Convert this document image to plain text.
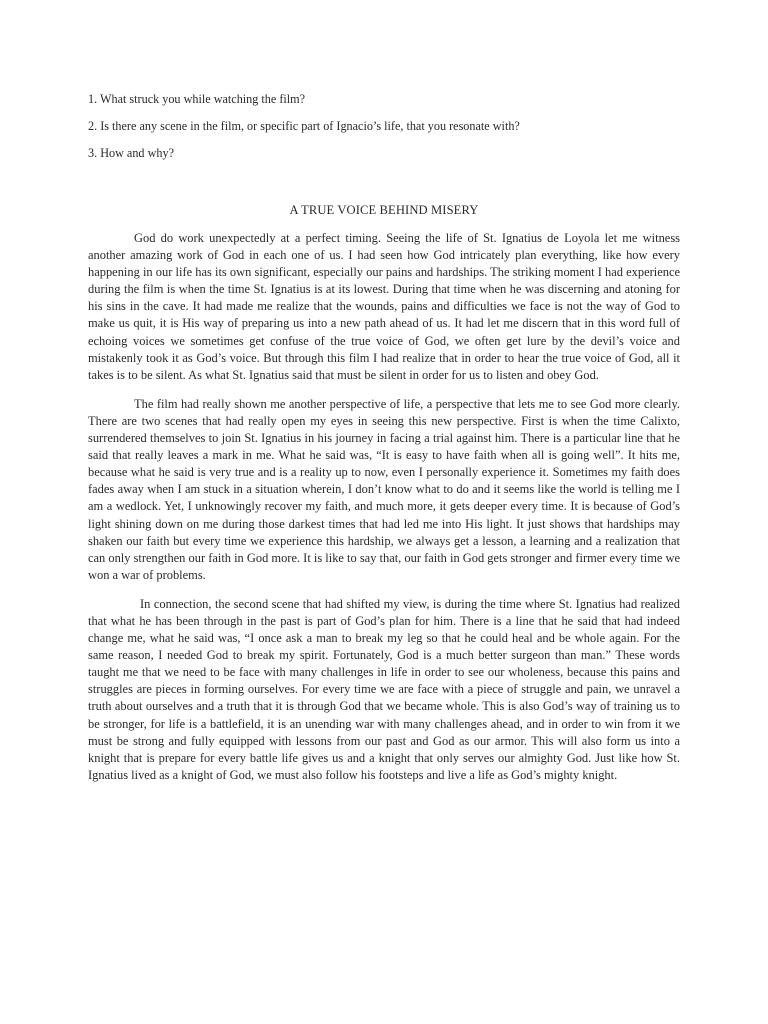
1. What struck you while watching the film?
2. Is there any scene in the film, or specific part of Ignacio’s life, that you resonate with?
3. How and why?
A TRUE VOICE BEHIND MISERY

God do work unexpectedly at a perfect timing. Seeing the life of St. Ignatius de Loyola let me witness another amazing work of God in each one of us. I had seen how God intricately plan everything, like how every happening in our life has its own significant, especially our pains and hardships. The striking moment I had experience during the film is when the time St. Ignatius is at its lowest. During that time when he was discerning and atoning for his sins in the cave. It had made me realize that the wounds, pains and difficulties we face is not the way of God to make us quit, it is His way of preparing us into a new path ahead of us. It had let me discern that in this word full of echoing voices we sometimes get confuse of the true voice of God, we often get lure by the devil’s voice and mistakenly took it as God’s voice. But through this film I had realize that in order to hear the true voice of God, all it takes is to be silent. As what St. Ignatius said that must be silent in order for us to listen and obey God.

The film had really shown me another perspective of life, a perspective that lets me to see God more clearly. There are two scenes that had really open my eyes in seeing this new perspective. First is when the time Calixto, surrendered themselves to join St. Ignatius in his journey in facing a trial against him. There is a particular line that he said that really leaves a mark in me. What he said was, “It is easy to have faith when all is going well”. It hits me, because what he said is very true and is a reality up to now, even I personally experience it. Sometimes my faith does fades away when I am stuck in a situation wherein, I don’t know what to do and it seems like the world is telling me I am a wedlock. Yet, I unknowingly recover my faith, and much more, it gets deeper every time. It is because of God’s light shining down on me during those darkest times that had led me into His light. It just shows that hardships may shaken our faith but every time we experience this hardship, we always get a lesson, a learning and a realization that can only strengthen our faith in God more. It is like to say that, our faith in God gets stronger and firmer every time we won a war of problems.

In connection, the second scene that had shifted my view, is during the time where St. Ignatius had realized that what he has been through in the past is part of God’s plan for him. There is a line that he said that had indeed change me, what he said was, “I once ask a man to break my leg so that he could heal and be whole again. For the same reason, I needed God to break my spirit. Fortunately, God is a much better surgeon than man.” These words taught me that we need to be face with many challenges in life in order to see our wholeness, because this pains and struggles are pieces in forming ourselves. For every time we are face with a piece of struggle and pain, we unravel a truth about ourselves and a truth that it is through God that we became whole. This is also God’s way of training us to be stronger, for life is a battlefield, it is an unending war with many challenges ahead, and in order to win from it we must be strong and fully equipped with lessons from our past and God as our armor. This will also form us into a knight that is prepare for every battle life gives us and a knight that only serves our almighty God. Just like how St. Ignatius lived as a knight of God, we must also follow his footsteps and live a life as God’s mighty knight.
